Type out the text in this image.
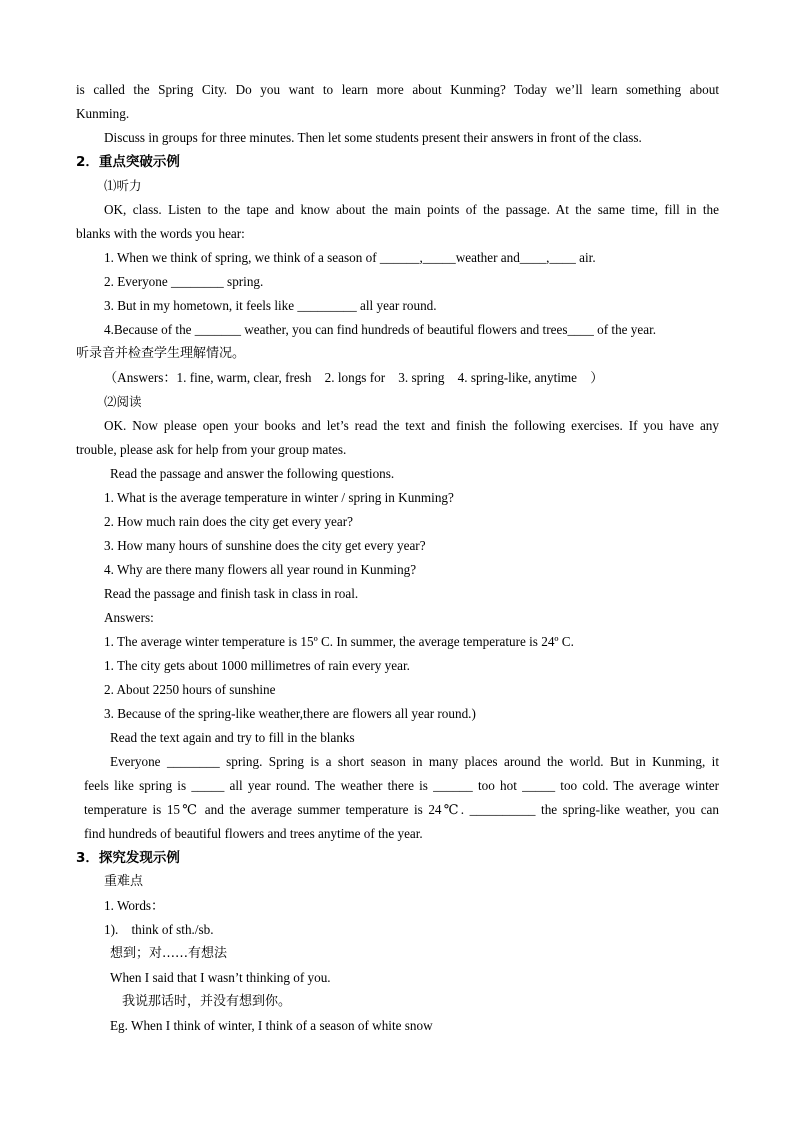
is called the Spring City. Do you want to learn more about Kunming? Today we’ll learn something about
Kunming.
Discuss in groups for three minutes. Then let some students present their answers in front of the class.
2．重点突破示例
⑴听力
OK, class. Listen to the tape and know about the main points of the passage. At the same time, fill in the
blanks with the words you hear:
1. When we think of spring, we think of a season of ______,_____weather and____,____ air.
2. Everyone ________ spring.
3. But in my hometown, it feels like _________ all year round.
4.Because of the _______ weather, you can find hundreds of beautiful flowers and trees____ of the year.
听录音并检查学生理解情况。
（Answers：1. fine, warm, clear, fresh　2. longs for　3. spring　4. spring-like, anytime　）
⑵阅读
OK. Now please open your books and let’s read the text and finish the following exercises. If you have any
trouble, please ask for help from your group mates.
Read the passage and answer the following questions.
1. What is the average temperature in winter / spring in Kunming?
2. How much rain does the city get every year?
3. How many hours of sunshine does the city get every year?
4. Why are there many flowers all year round in Kunming?
Read the passage and finish task in class in roal.
Answers:
1. The average winter temperature is 15º C. In summer, the average temperature is 24º C.
1. The city gets about 1000 millimetres of rain every year.
2. About 2250 hours of sunshine
3. Because of the spring-like weather,there are flowers all year round.)
Read the text again and try to fill in the blanks
Everyone ________ spring. Spring is a short season in many places around the world. But in Kunming, it
feels like spring is _____ all year round. The weather there is ______ too hot _____ too cold. The average winter
temperature is 15℃ and the average summer temperature is 24℃. __________ the spring-like weather, you can
find hundreds of beautiful flowers and trees anytime of the year.
3．探究发现示例
重难点
1. Words：
1).　think of sth./sb.
想到；对……有想法
When I said that I wasn’t thinking of you.
我说那话时，并没有想到你。
Eg. When I think of winter, I think of a season of white snow
